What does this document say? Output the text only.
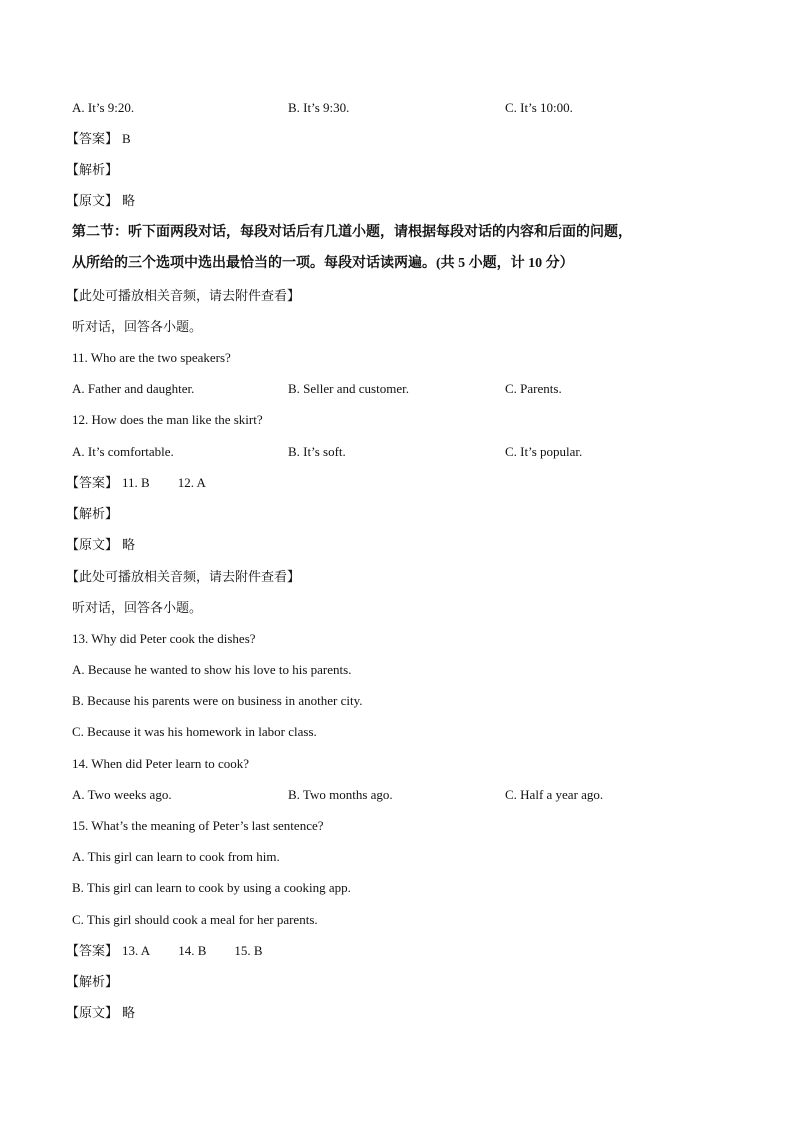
A. It’s 9:20.	B. It’s 9:30.	C. It’s 10:00.
【答案】 B
【解析】
【原文】 略
第二节：听下面两段对话，每段对话后有几道小题，请根据每段对话的内容和后面的问题，
从所给的三个选项中选出最恰当的一项。每段对话读两遍。(共 5 小题，计 10 分）
【此处可播放相关音频，请去附件查看】
听对话，回答各小题。
11. Who are the two speakers?
A. Father and daughter.	B. Seller and customer.	C. Parents.
12. How does the man like the skirt?
A. It’s comfortable.	B. It’s soft.	C. It’s popular.
【答案】 11. B 12. A
【解析】
【原文】 略
【此处可播放相关音频，请去附件查看】
听对话，回答各小题。
13. Why did Peter cook the dishes?
A. Because he wanted to show his love to his parents.
B. Because his parents were on business in another city.
C. Because it was his homework in labor class.
14. When did Peter learn to cook?
A. Two weeks ago.	B. Two months ago.	C. Half a year ago.
15. What’s the meaning of Peter’s last sentence?
A. This girl can learn to cook from him.
B. This girl can learn to cook by using a cooking app.
C. This girl should cook a meal for her parents.
【答案】 13. A 14. B 15. B
【解析】
【原文】 略
